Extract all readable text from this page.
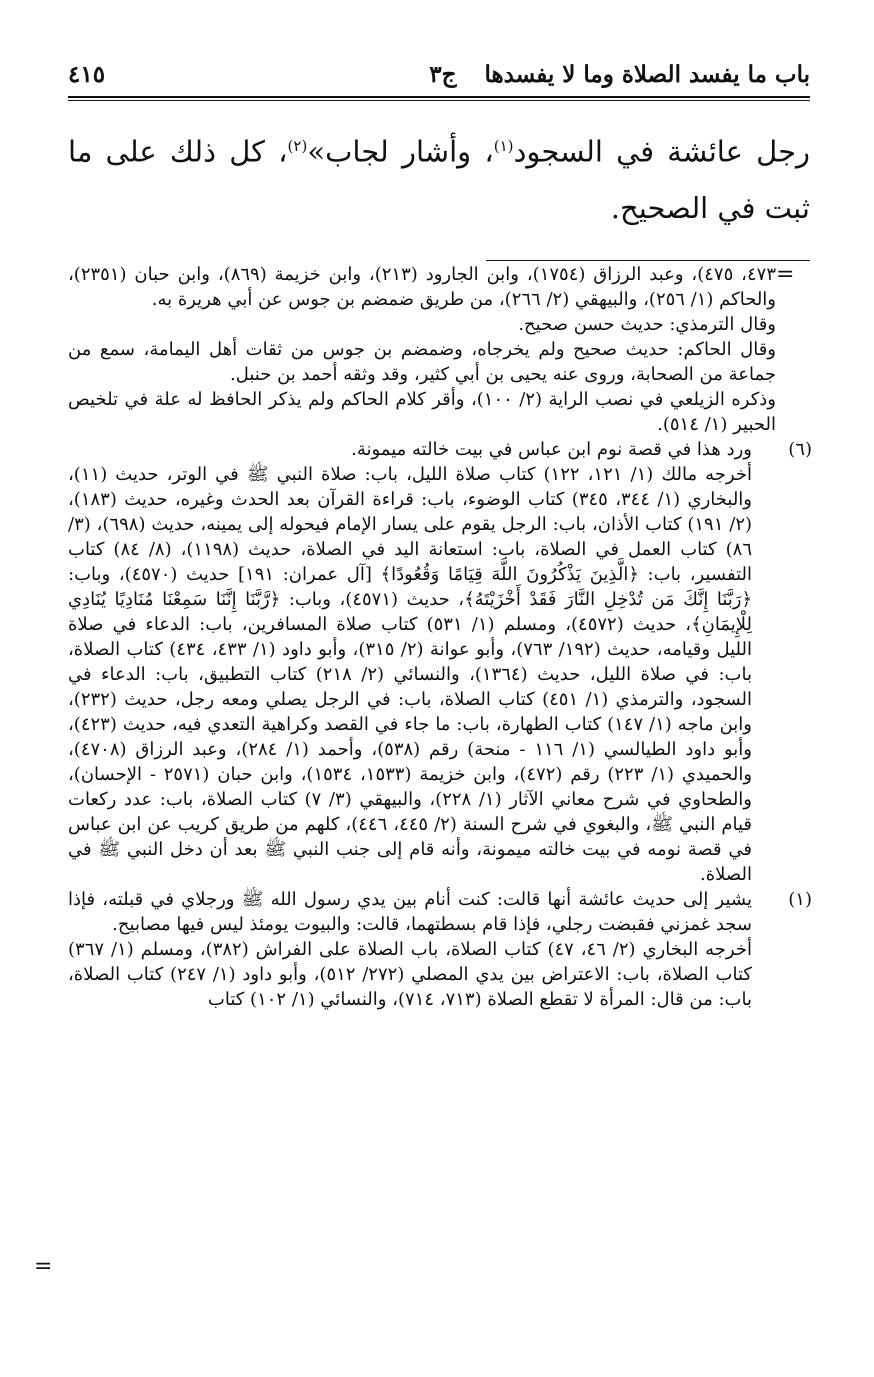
باب ما يفسد الصلاة وما لا يفسدها
ج٣
٤١٥
رجل عائشة في السجود$^{(١)}$، وأشار لجاب»$^{(٢)}$، كل ذلك على ما ثبت في الصحيح.
=
٤٧٣، ٤٧٥)، وعبد الرزاق (١٧٥٤)، وابن الجارود (٢١٣)، وابن خزيمة (٨٦٩)، وابن حبان (٢٣٥١)، والحاكم (١/ ٢٥٦)، والبيهقي (٢/ ٢٦٦)، من طريق ضمضم بن جوس عن أبي هريرة به.
وقال الترمذي: حديث حسن صحيح.
وقال الحاكم: حديث صحيح ولم يخرجاه، وضمضم بن جوس من ثقات أهل اليمامة، سمع من جماعة من الصحابة، وروى عنه يحيى بن أبي كثير، وقد وثقه أحمد بن حنبل.
وذكره الزيلعي في نصب الراية (٢/ ١٠٠)، وأقر كلام الحاكم ولم يذكر الحافظ له علة في تلخيص الحبير (١/ ٥١٤).
(٦)
ورد هذا في قصة نوم ابن عباس في بيت خالته ميمونة.
أخرجه مالك (١/ ١٢١، ١٢٢) كتاب صلاة الليل، باب: صلاة النبي ﷺ في الوتر، حديث (١١)، والبخاري (١/ ٣٤٤، ٣٤٥) كتاب الوضوء، باب: قراءة القرآن بعد الحدث وغيره، حديث (١٨٣)، (٢/ ١٩١) كتاب الأذان، باب: الرجل يقوم على يسار الإمام فيحوله إلى يمينه، حديث (٦٩٨)، (٣/ ٨٦) كتاب العمل في الصلاة، باب: استعانة اليد في الصلاة، حديث (١١٩٨)، (٨/ ٨٤) كتاب التفسير، باب: ﴿الَّذِينَ يَذْكُرُونَ اللَّهَ قِيَامًا وَقُعُودًا﴾ [آل عمران: ١٩١] حديث (٤٥٧٠)، وباب: ﴿رَبَّنَا إِنَّكَ مَن تُدْخِلِ النَّارَ فَقَدْ أَخْزَيْتَهُ﴾، حديث (٤٥٧١)، وباب: ﴿رَّبَّنَا إِنَّنَا سَمِعْنَا مُنَادِيًا يُنَادِي لِلْإِيمَانِ﴾، حديث (٤٥٧٢)، ومسلم (١/ ٥٣١) كتاب صلاة المسافرين، باب: الدعاء في صلاة الليل وقيامه، حديث (١٩٢/ ٧٦٣)، وأبو عوانة (٢/ ٣١٥)، وأبو داود (١/ ٤٣٣، ٤٣٤) كتاب الصلاة، باب: في صلاة الليل، حديث (١٣٦٤)، والنسائي (٢/ ٢١٨) كتاب التطبيق، باب: الدعاء في السجود، والترمذي (١/ ٤٥١) كتاب الصلاة، باب: في الرجل يصلي ومعه رجل، حديث (٢٣٢)، وابن ماجه (١/ ١٤٧) كتاب الطهارة، باب: ما جاء في القصد وكراهية التعدي فيه، حديث (٤٢٣)، وأبو داود الطيالسي (١/ ١١٦ - منحة) رقم (٥٣٨)، وأحمد (١/ ٢٨٤)، وعبد الرزاق (٤٧٠٨)، والحميدي (١/ ٢٢٣) رقم (٤٧٢)، وابن خزيمة (١٥٣٣، ١٥٣٤)، وابن حبان (٢٥٧١ - الإحسان)، والطحاوي في شرح معاني الآثار (١/ ٢٢٨)، والبيهقي (٣/ ٧) كتاب الصلاة، باب: عدد ركعات قيام النبي ﷺ، والبغوي في شرح السنة (٢/ ٤٤٥، ٤٤٦)، كلهم من طريق كريب عن ابن عباس في قصة نومه في بيت خالته ميمونة، وأنه قام إلى جنب النبي ﷺ بعد أن دخل النبي ﷺ في الصلاة.
(١)
يشير إلى حديث عائشة أنها قالت: كنت أنام بين يدي رسول الله ﷺ ورجلاي في قبلته، فإذا سجد غمزني فقبضت رجلي، فإذا قام بسطتهما، قالت: والبيوت يومئذ ليس فيها مصابيح.
أخرجه البخاري (٢/ ٤٦، ٤٧) كتاب الصلاة، باب الصلاة على الفراش (٣٨٢)، ومسلم (١/ ٣٦٧) كتاب الصلاة، باب: الاعتراض بين يدي المصلي (٢٧٢/ ٥١٢)، وأبو داود (١/ ٢٤٧) كتاب الصلاة، باب: من قال: المرأة لا تقطع الصلاة (٧١٣، ٧١٤)، والنسائي (١/ ١٠٢) كتاب
=
